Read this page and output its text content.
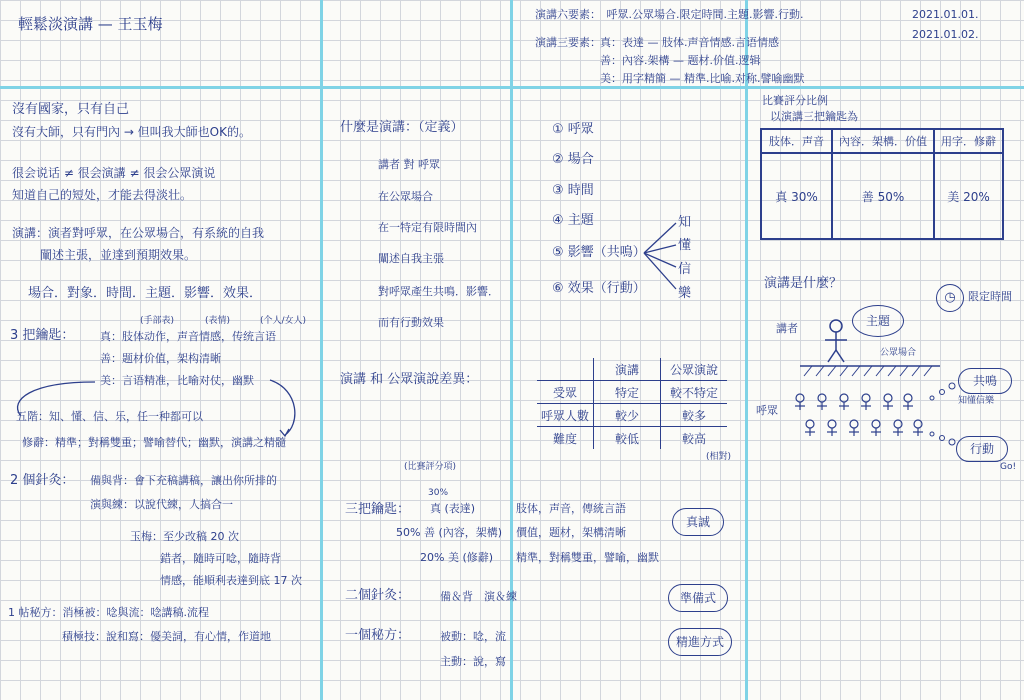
輕鬆淡演講 — 王玉梅
演講六要素：　呼眾.公眾場合.限定時間.主題.影響.行動.
演講三要素： 真：表達 — 肢体.声音情感.言语情感
善：內容.架構 — 题材.价值.逻辑
美：用字精簡 — 精準.比喻.对称.譬喻幽默
2021.01.01.
2021.01.02.
沒有國家，只有自己
沒有大師，只有門內 → 但叫我大師也OK的。
很会说话 ≠ 很会演講 ≠ 很会公眾演说
知道自己的短处，才能去得淡壮。
演講：演者對呼眾，在公眾場合，有系統的自我
闡述主張，並達到預期效果。
場合．對象．時間．主題．影響．效果．
3 把鑰匙：
(手部表)	(表情)	(个人/女人)
真：肢体动作，声音情感，传统言语
善：题材价值，架构清晰
美：言语精准，比喻对仗，幽默
五階：知、懂、信、乐，任一种都可以
修辭：精準；對稱雙重；譬喻替代；幽默，演講之精髓
2 個針灸： 備與背：會下充稿講稿，讓出你所排的
演與練：以說代練，人搞合一
玉梅：至少改稿 20 次
錯者，隨時可唸，隨時背
情感，能順利表達到底 17 次
1 帖秘方：消極被：唸與流：唸講稿.流程
積極技：說和寫：優美詞，有心情，作道地
什麼是演講：（定義）
講者 對 呼眾
在公眾場合
在一特定有限時間內
闡述自我主張
對呼眾產生共鳴．影響．
而有行動效果
演講 和 公眾演說差異：
(比賽評分項)
30%
三把鑰匙： 真 (表達)	肢体，声音，傳統言語
50% 善 (內容，架構) 價值，题材，架構清晰
20% 美 (修辭) 精準，對稱雙重，譬喻，幽默
二個針灸：	備＆背　演＆練
一個秘方：	被動：唸，流
主動：說，寫
真誠
準備式
精進方式
① 呼眾
② 場合
③ 時間
④ 主題
⑤ 影響（共鳴）
⑥ 效果（行動）
知
懂
信
樂
	演講	公眾演說
受眾	特定	較不特定
呼眾人數	較少	較多
難度	較低	較高
(相對)
比賽評分比例
以演講三把鑰匙為
肢体．声音	內容．架構．价值	用字．修辭
真 30%	善 50%	美 20%
演講是什麼？
◷	限定時間
講者
主題
公眾場合
呼眾
共鳴
知懂信樂
行動
Go!
